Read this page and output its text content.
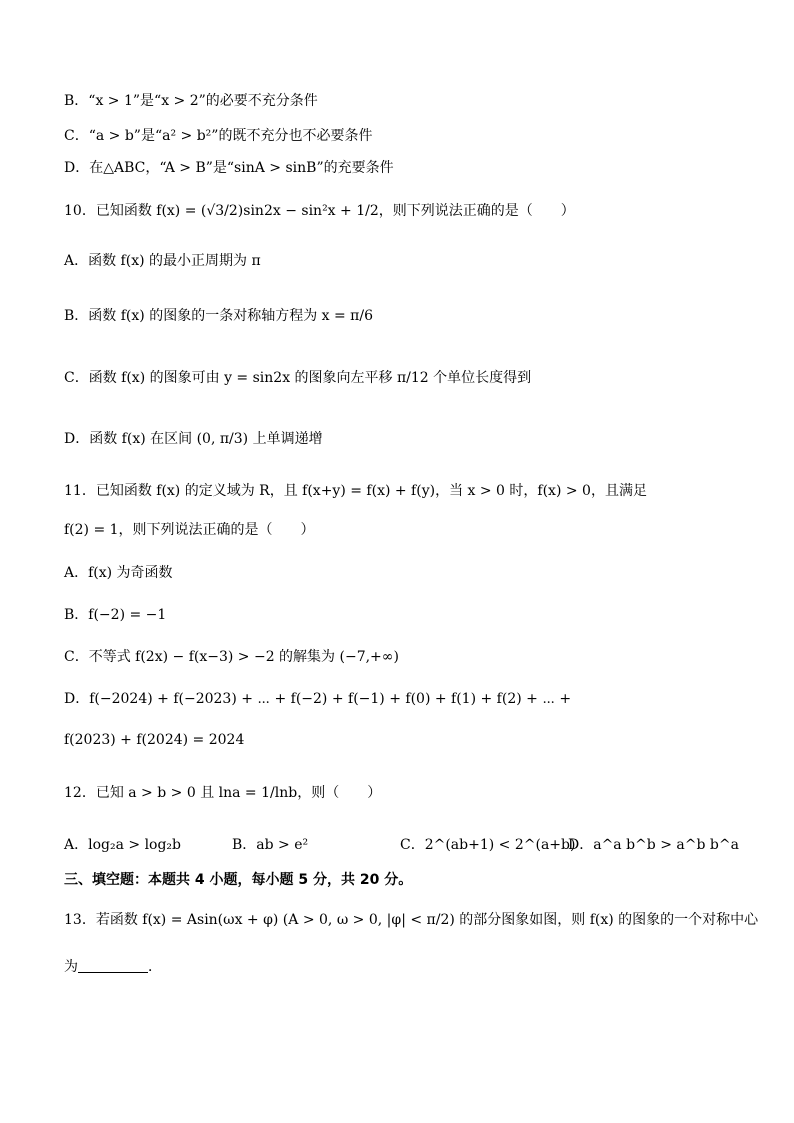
B．“x > 1”是“x > 2”的必要不充分条件
C．“a > b”是“a² > b²”的既不充分也不必要条件
D．在△ABC，“A > B”是“sinA > sinB”的充要条件
10．已知函数 f(x) = (√3/2)sin2x − sin²x + 1/2，则下列说法正确的是（　　）
A．函数 f(x) 的最小正周期为 π
B．函数 f(x) 的图象的一条对称轴方程为 x = π/6
C．函数 f(x) 的图象可由 y = sin2x 的图象向左平移 π/12 个单位长度得到
D．函数 f(x) 在区间 (0, π/3) 上单调递增
11．已知函数 f(x) 的定义域为 R，且 f(x+y) = f(x) + f(y)，当 x > 0 时，f(x) > 0，且满足
f(2) = 1，则下列说法正确的是（　　）
A．f(x) 为奇函数
B．f(−2) = −1
C．不等式 f(2x) − f(x−3) > −2 的解集为 (−7,+∞)
D．f(−2024) + f(−2023) + ⋯ + f(−2) + f(−1) + f(0) + f(1) + f(2) + ⋯ +
f(2023) + f(2024) = 2024
12．已知 a > b > 0 且 lna = 1/lnb，则（　　）
A．log₂a > log₂b	B．ab > e²	C．2^(ab+1) < 2^(a+b)
D．a^a b^b > a^b b^a
三、填空题：本题共 4 小题，每小题 5 分，共 20 分。
13．若函数 f(x) = Asin(ωx + φ) (A > 0, ω > 0, |φ| < π/2) 的部分图象如图，则 f(x) 的图象的一个对称中心
为	．
